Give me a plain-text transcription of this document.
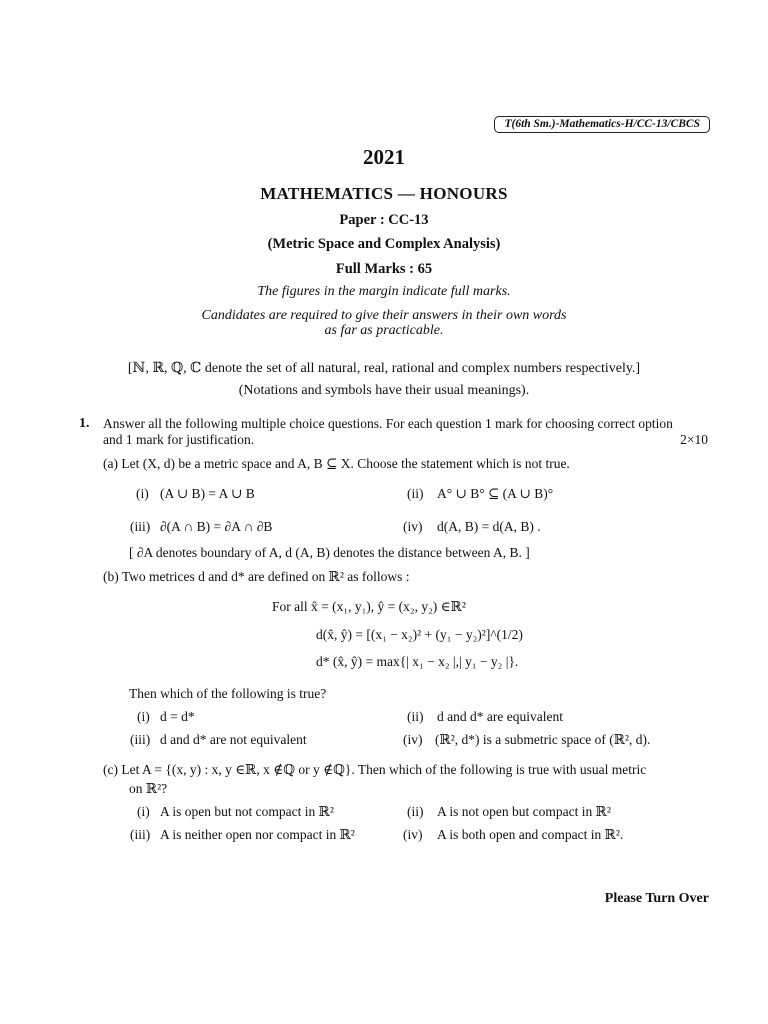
T(6th Sm.)-Mathematics-H/CC-13/CBCS
2021
MATHEMATICS — HONOURS
Paper : CC-13
(Metric Space and Complex Analysis)
Full Marks : 65
The figures in the margin indicate full marks.
Candidates are required to give their answers in their own words
as far as practicable.
[ℕ, ℝ, ℚ, ℂ denote the set of all natural, real, rational and complex numbers respectively.]
(Notations and symbols have their usual meanings).
1. Answer all the following multiple choice questions. For each question 1 mark for choosing correct option
and 1 mark for justification.	2×10
(a) Let (X, d) be a metric space and A, B ⊆ X. Choose the statement which is not true.
(i) (A ∪ B) = A ∪ B	(ii) A° ∪ B° ⊆ (A ∪ B)°
(iii) ∂(A ∩ B) = ∂A ∩ ∂B	(iv) d(A, B) = d(A, B) .
[ ∂A denotes boundary of A, d (A, B) denotes the distance between A, B. ]
(b) Two metrices d and d* are defined on ℝ² as follows :
For all x̂ = (x₁, y₁), ŷ = (x₂, y₂) ∈ℝ²
d(x̂, ŷ) = [(x₁ − x₂)² + (y₁ − y₂)²]^(1/2)
d* (x̂, ŷ) = max{| x₁ − x₂ |,| y₁ − y₂ |}.
Then which of the following is true?
(i) d = d*	(ii) d and d* are equivalent
(iii) d and d* are not equivalent	(iv) (ℝ², d*) is a submetric space of (ℝ², d).
(c) Let A = {(x, y) : x, y ∈ℝ, x ∉ℚ or y ∉ℚ}. Then which of the following is true with usual metric
on ℝ²?
(i) A is open but not compact in ℝ²	(ii) A is not open but compact in ℝ²
(iii) A is neither open nor compact in ℝ²	(iv) A is both open and compact in ℝ².
Please Turn Over
